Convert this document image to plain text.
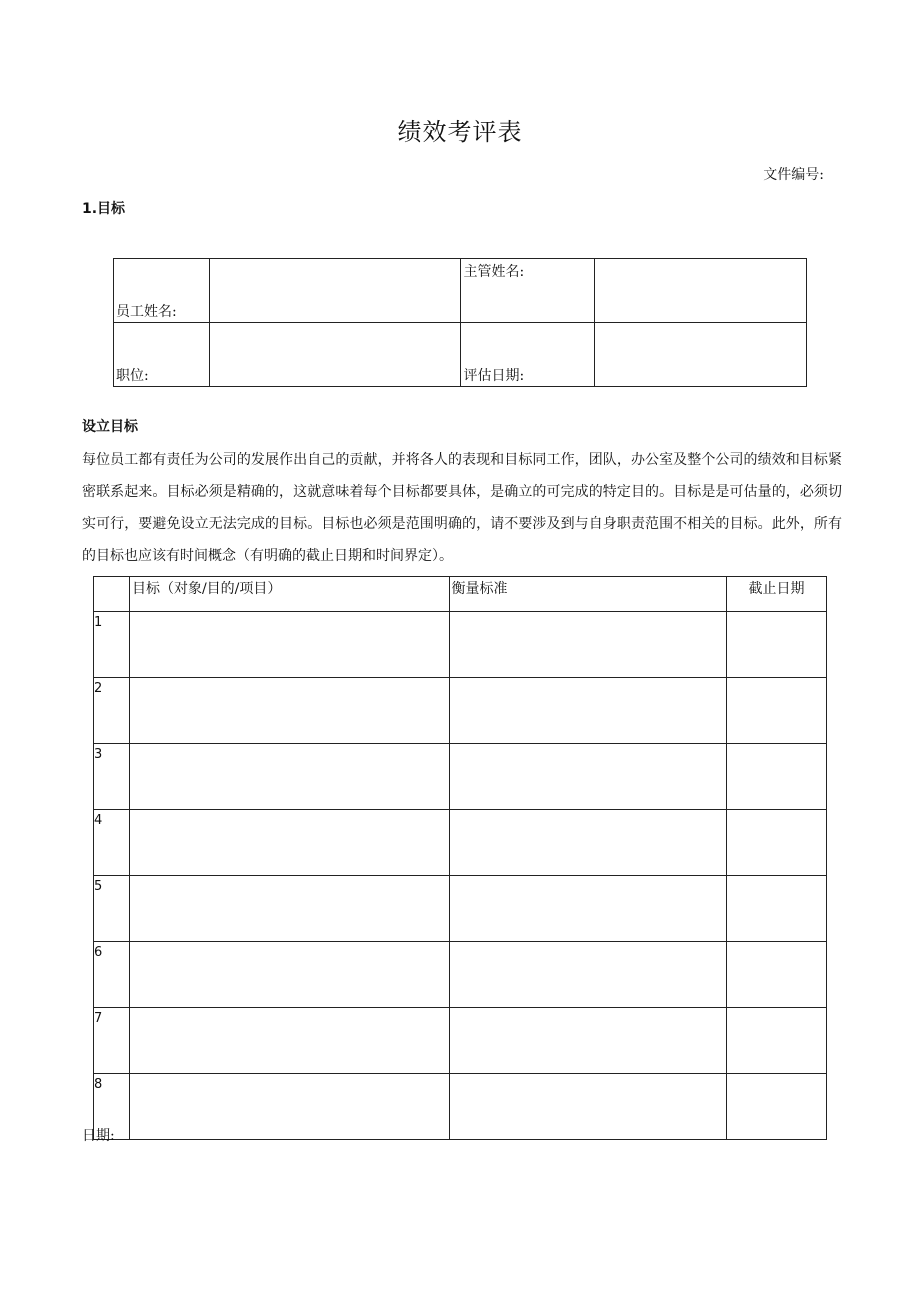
绩效考评表
文件编号:
1.目标
员工姓名:		主管姓名:	

职位:		评估日期:	

设立目标
每位员工都有责任为公司的发展作出自己的贡献，并将各人的表现和目标同工作，团队，办公室及整个公司的绩效和目标紧密联系起来。目标必须是精确的，这就意味着每个目标都要具体，是确立的可完成的特定目的。目标是是可估量的，必须切实可行，要避免设立无法完成的目标。目标也必须是范围明确的，请不要涉及到与自身职责范围不相关的目标。此外，所有的目标也应该有时间概念（有明确的截止日期和时间界定）。
	目标（对象/目的/项目）	衡量标准	截止日期
1			
2			
3			
4			
5			
6			
7			
8			
日期:
